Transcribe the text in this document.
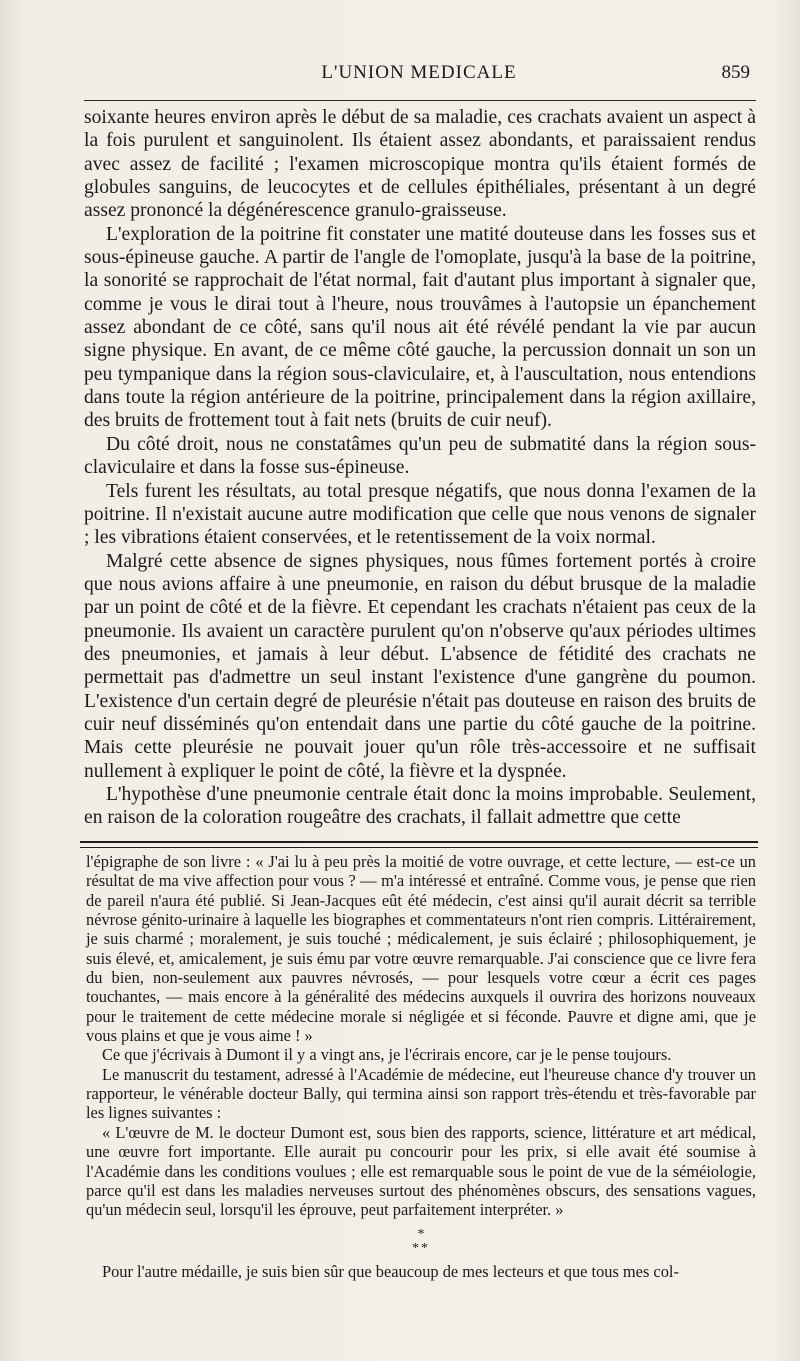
L'UNION MEDICALE	859

soixante heures environ après le début de sa maladie, ces crachats avaient un aspect à la fois purulent et sanguinolent. Ils étaient assez abondants, et paraissaient rendus avec assez de facilité ; l'examen microscopique montra qu'ils étaient formés de globules sanguins, de leucocytes et de cellules épithéliales, présentant à un degré assez prononcé la dégénérescence granulo-graisseuse.

L'exploration de la poitrine fit constater une matité douteuse dans les fosses sus et sous-épineuse gauche. A partir de l'angle de l'omoplate, jusqu'à la base de la poitrine, la sonorité se rapprochait de l'état normal, fait d'autant plus important à signaler que, comme je vous le dirai tout à l'heure, nous trouvâmes à l'autopsie un épanchement assez abondant de ce côté, sans qu'il nous ait été révélé pendant la vie par aucun signe physique. En avant, de ce même côté gauche, la percussion donnait un son un peu tympanique dans la région sous-claviculaire, et, à l'auscultation, nous entendions dans toute la région antérieure de la poitrine, principalement dans la région axillaire, des bruits de frottement tout à fait nets (bruits de cuir neuf).

Du côté droit, nous ne constatâmes qu'un peu de submatité dans la région sous-claviculaire et dans la fosse sus-épineuse.

Tels furent les résultats, au total presque négatifs, que nous donna l'examen de la poitrine. Il n'existait aucune autre modification que celle que nous venons de signaler ; les vibrations étaient conservées, et le retentissement de la voix normal.

Malgré cette absence de signes physiques, nous fûmes fortement portés à croire que nous avions affaire à une pneumonie, en raison du début brusque de la maladie par un point de côté et de la fièvre. Et cependant les crachats n'étaient pas ceux de la pneumonie. Ils avaient un caractère purulent qu'on n'observe qu'aux périodes ultimes des pneumonies, et jamais à leur début. L'absence de fétidité des crachats ne permettait pas d'admettre un seul instant l'existence d'une gangrène du poumon. L'existence d'un certain degré de pleurésie n'était pas douteuse en raison des bruits de cuir neuf disséminés qu'on entendait dans une partie du côté gauche de la poitrine. Mais cette pleurésie ne pouvait jouer qu'un rôle très-accessoire et ne suffisait nullement à expliquer le point de côté, la fièvre et la dyspnée.

L'hypothèse d'une pneumonie centrale était donc la moins improbable. Seulement, en raison de la coloration rougeâtre des crachats, il fallait admettre que cette

l'épigraphe de son livre : « J'ai lu à peu près la moitié de votre ouvrage, et cette lecture, — est-ce un résultat de ma vive affection pour vous ? — m'a intéressé et entraîné. Comme vous, je pense que rien de pareil n'aura été publié. Si Jean-Jacques eût été médecin, c'est ainsi qu'il aurait décrit sa terrible névrose génito-urinaire à laquelle les biographes et commentateurs n'ont rien compris. Littérairement, je suis charmé ; moralement, je suis touché ; médicalement, je suis éclairé ; philosophiquement, je suis élevé, et, amicalement, je suis ému par votre œuvre remarquable. J'ai conscience que ce livre fera du bien, non-seulement aux pauvres névrosés, — pour lesquels votre cœur a écrit ces pages touchantes, — mais encore à la généralité des médecins auxquels il ouvrira des horizons nouveaux pour le traitement de cette médecine morale si négligée et si féconde. Pauvre et digne ami, que je vous plains et que je vous aime ! »

Ce que j'écrivais à Dumont il y a vingt ans, je l'écrirais encore, car je le pense toujours.

Le manuscrit du testament, adressé à l'Académie de médecine, eut l'heureuse chance d'y trouver un rapporteur, le vénérable docteur Bally, qui termina ainsi son rapport très-étendu et très-favorable par les lignes suivantes :

« L'œuvre de M. le docteur Dumont est, sous bien des rapports, science, littérature et art médical, une œuvre fort importante. Elle aurait pu concourir pour les prix, si elle avait été soumise à l'Académie dans les conditions voulues ; elle est remarquable sous le point de vue de la séméiologie, parce qu'il est dans les maladies nerveuses surtout des phénomènes obscurs, des sensations vagues, qu'un médecin seul, lorsqu'il les éprouve, peut parfaitement interpréter. »

*
**

Pour l'autre médaille, je suis bien sûr que beaucoup de mes lecteurs et que tous mes col-
